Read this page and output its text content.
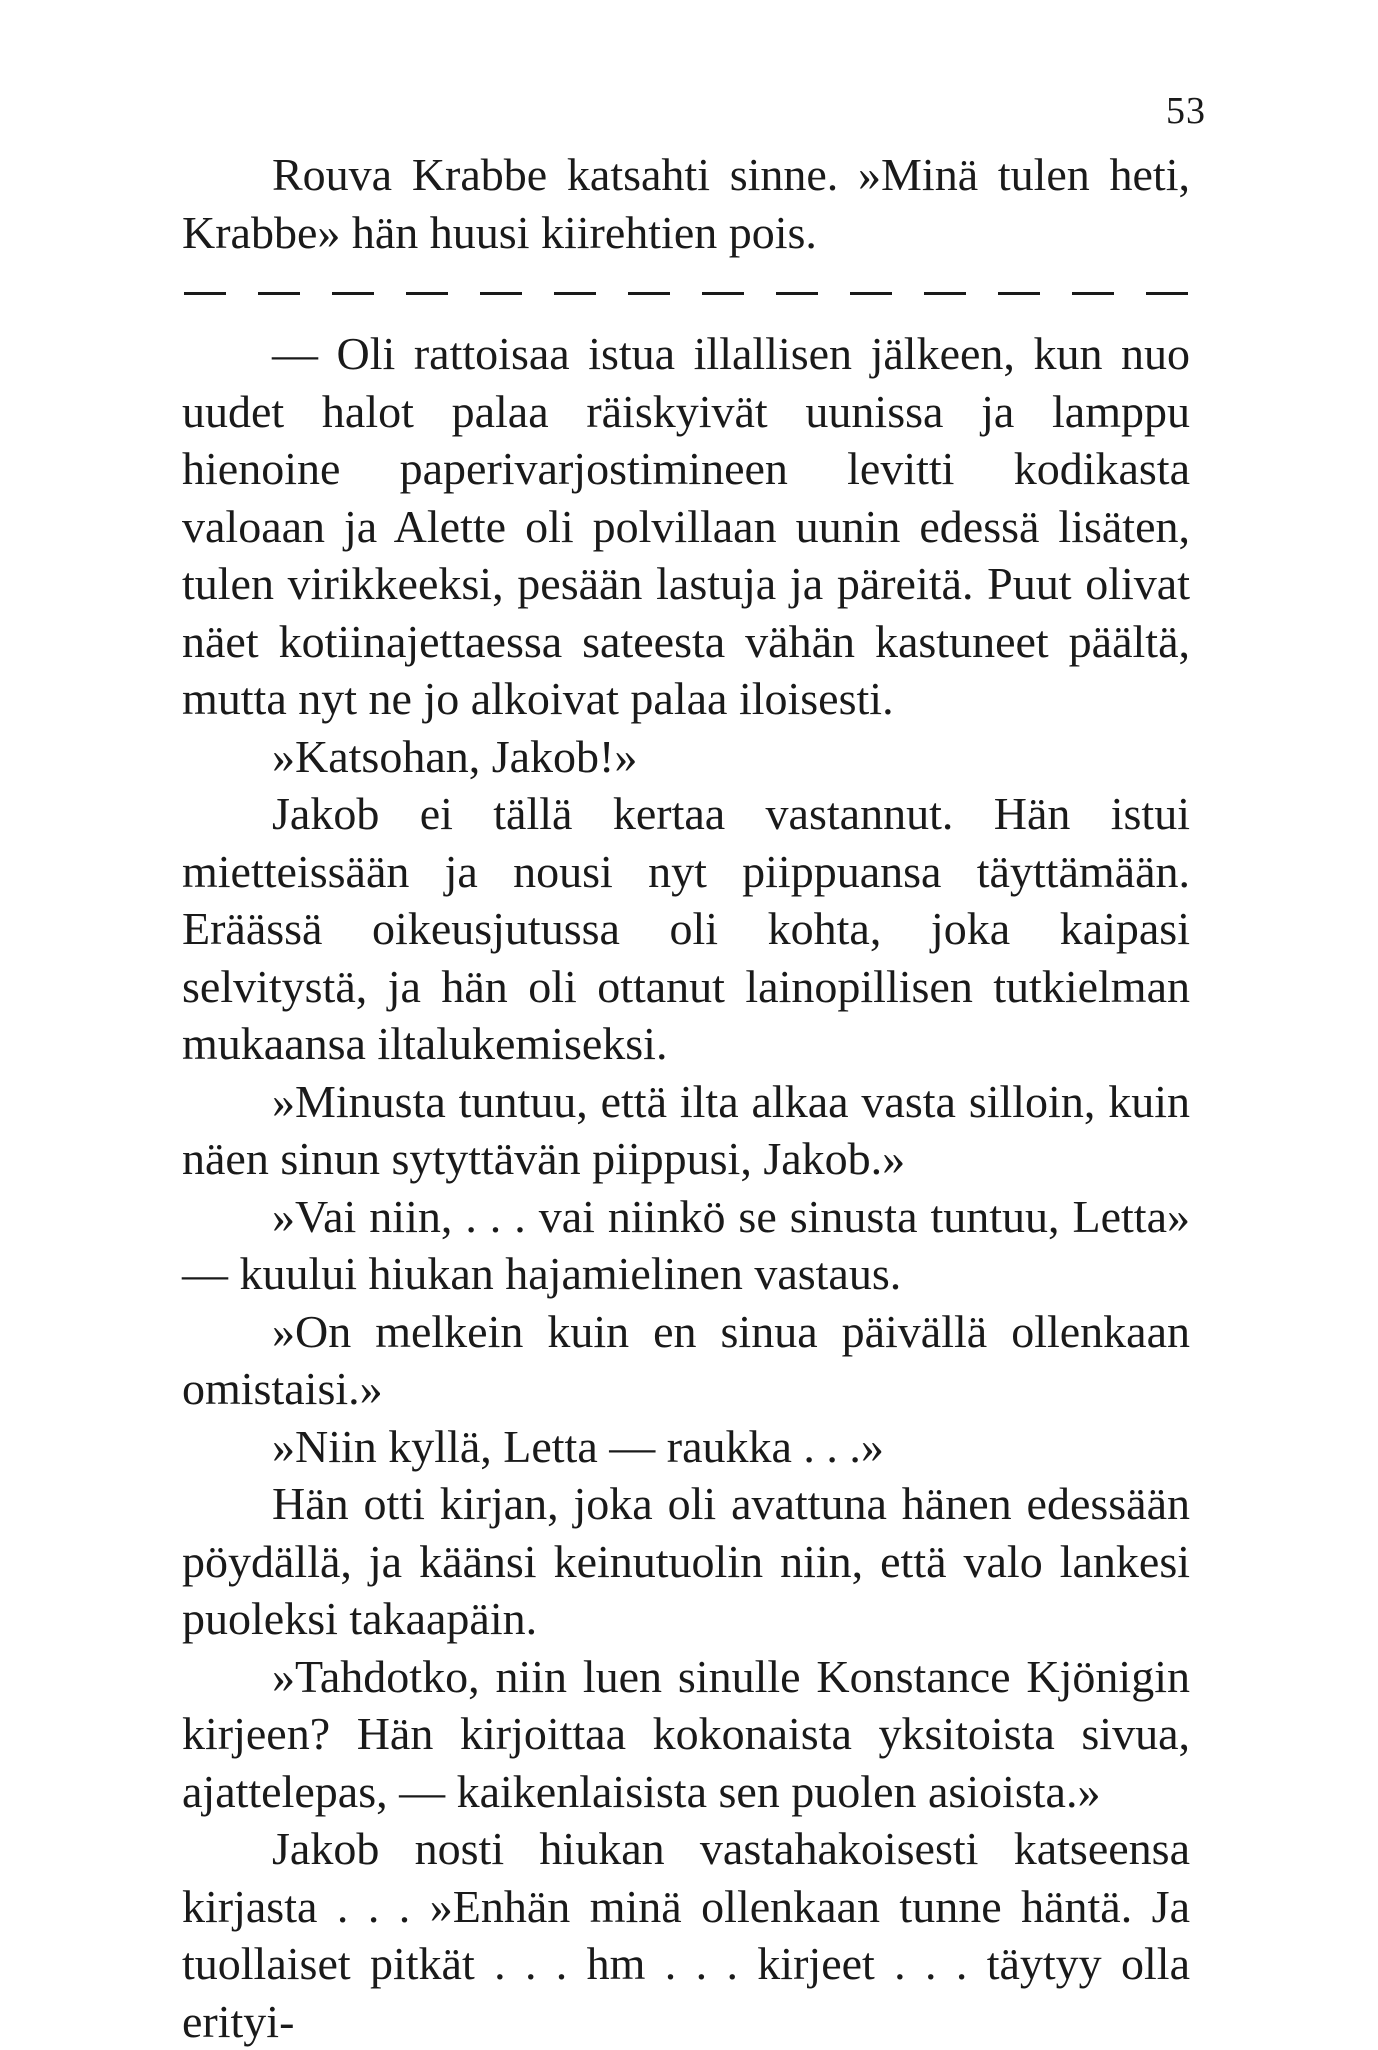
53

Rouva Krabbe katsahti sinne. »Minä tulen heti, Krabbe» hän huusi kiirehtien pois.

— Oli rattoisaa istua illallisen jälkeen, kun nuo uudet halot palaa räiskyivät uunissa ja lamppu hienoine paperivarjostimineen levitti kodikasta valoaan ja Alette oli polvillaan uunin edessä lisäten, tulen virikkeeksi, pesään lastuja ja päreitä. Puut olivat näet kotiinajettaessa sateesta vähän kastuneet päältä, mutta nyt ne jo alkoivat palaa iloisesti.

»Katsohan, Jakob!»

Jakob ei tällä kertaa vastannut. Hän istui mietteissään ja nousi nyt piippuansa täyttämään. Eräässä oikeusjutussa oli kohta, joka kaipasi selvitystä, ja hän oli ottanut lainopillisen tutkielman mukaansa iltalukemiseksi.

»Minusta tuntuu, että ilta alkaa vasta silloin, kuin näen sinun sytyttävän piippusi, Jakob.»

»Vai niin, . . . vai niinkö se sinusta tuntuu, Letta» — kuului hiukan hajamielinen vastaus.

»On melkein kuin en sinua päivällä ollenkaan omistaisi.»

»Niin kyllä, Letta — raukka . . .»

Hän otti kirjan, joka oli avattuna hänen edessään pöydällä, ja käänsi keinutuolin niin, että valo lankesi puoleksi takaapäin.

»Tahdotko, niin luen sinulle Konstance Kjönigin kirjeen? Hän kirjoittaa kokonaista yksitoista sivua, ajattelepas, — kaikenlaisista sen puolen asioista.»

Jakob nosti hiukan vastahakoisesti katseensa kirjasta . . . »Enhän minä ollenkaan tunne häntä. Ja tuollaiset pitkät . . . hm . . . kirjeet . . . täytyy olla erityi-
